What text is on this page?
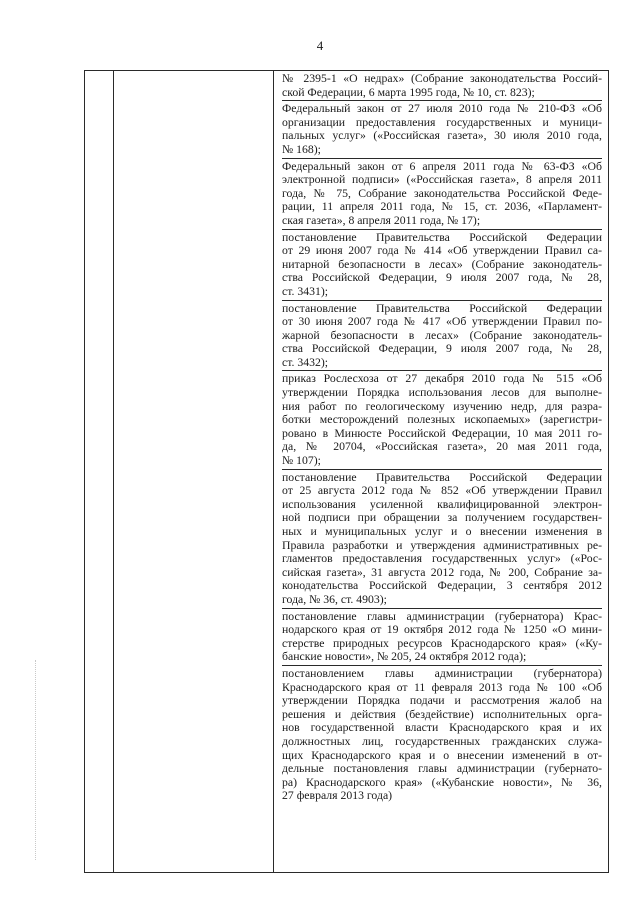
4
№ 2395-1 «О недрах» (Собрание законодательства Россий-
ской Федерации, 6 марта 1995 года, № 10, ст. 823);
Федеральный закон от 27 июля 2010 года № 210-ФЗ «Об
организации предоставления государственных и муници-
пальных услуг» («Российская газета», 30 июля 2010 года,
№ 168);
Федеральный закон от 6 апреля 2011 года № 63-ФЗ «Об
электронной подписи» («Российская газета», 8 апреля 2011
года, № 75, Собрание законодательства Российской Феде-
рации, 11 апреля 2011 года, № 15, ст. 2036, «Парламент-
ская газета», 8 апреля 2011 года, № 17);
постановление Правительства Российской Федерации
от 29 июня 2007 года № 414 «Об утверждении Правил са-
нитарной безопасности в лесах» (Собрание законодатель-
ства Российской Федерации, 9 июля 2007 года, № 28,
ст. 3431);
постановление Правительства Российской Федерации
от 30 июня 2007 года № 417 «Об утверждении Правил по-
жарной безопасности в лесах» (Собрание законодатель-
ства Российской Федерации, 9 июля 2007 года, № 28,
ст. 3432);
приказ Рослесхоза от 27 декабря 2010 года № 515 «Об
утверждении Порядка использования лесов для выполне-
ния работ по геологическому изучению недр, для разра-
ботки месторождений полезных ископаемых» (зарегистри-
ровано в Минюсте Российской Федерации, 10 мая 2011 го-
да, № 20704, «Российская газета», 20 мая 2011 года,
№ 107);
постановление Правительства Российской Федерации
от 25 августа 2012 года № 852 «Об утверждении Правил
использования усиленной квалифицированной электрон-
ной подписи при обращении за получением государствен-
ных и муниципальных услуг и о внесении изменения в
Правила разработки и утверждения административных ре-
гламентов предоставления государственных услуг» («Рос-
сийская газета», 31 августа 2012 года, № 200, Собрание за-
конодательства Российской Федерации, 3 сентября 2012
года, № 36, ст. 4903);
постановление главы администрации (губернатора) Крас-
нодарского края от 19 октября 2012 года № 1250 «О мини-
стерстве природных ресурсов Краснодарского края» («Ку-
банские новости», № 205, 24 октября 2012 года);
постановлением главы администрации (губернатора)
Краснодарского края от 11 февраля 2013 года № 100 «Об
утверждении Порядка подачи и рассмотрения жалоб на
решения и действия (бездействие) исполнительных орга-
нов государственной власти Краснодарского края и их
должностных лиц, государственных гражданских служа-
щих Краснодарского края и о внесении изменений в от-
дельные постановления главы администрации (губернато-
ра) Краснодарского края» («Кубанские новости», № 36,
27 февраля 2013 года)
